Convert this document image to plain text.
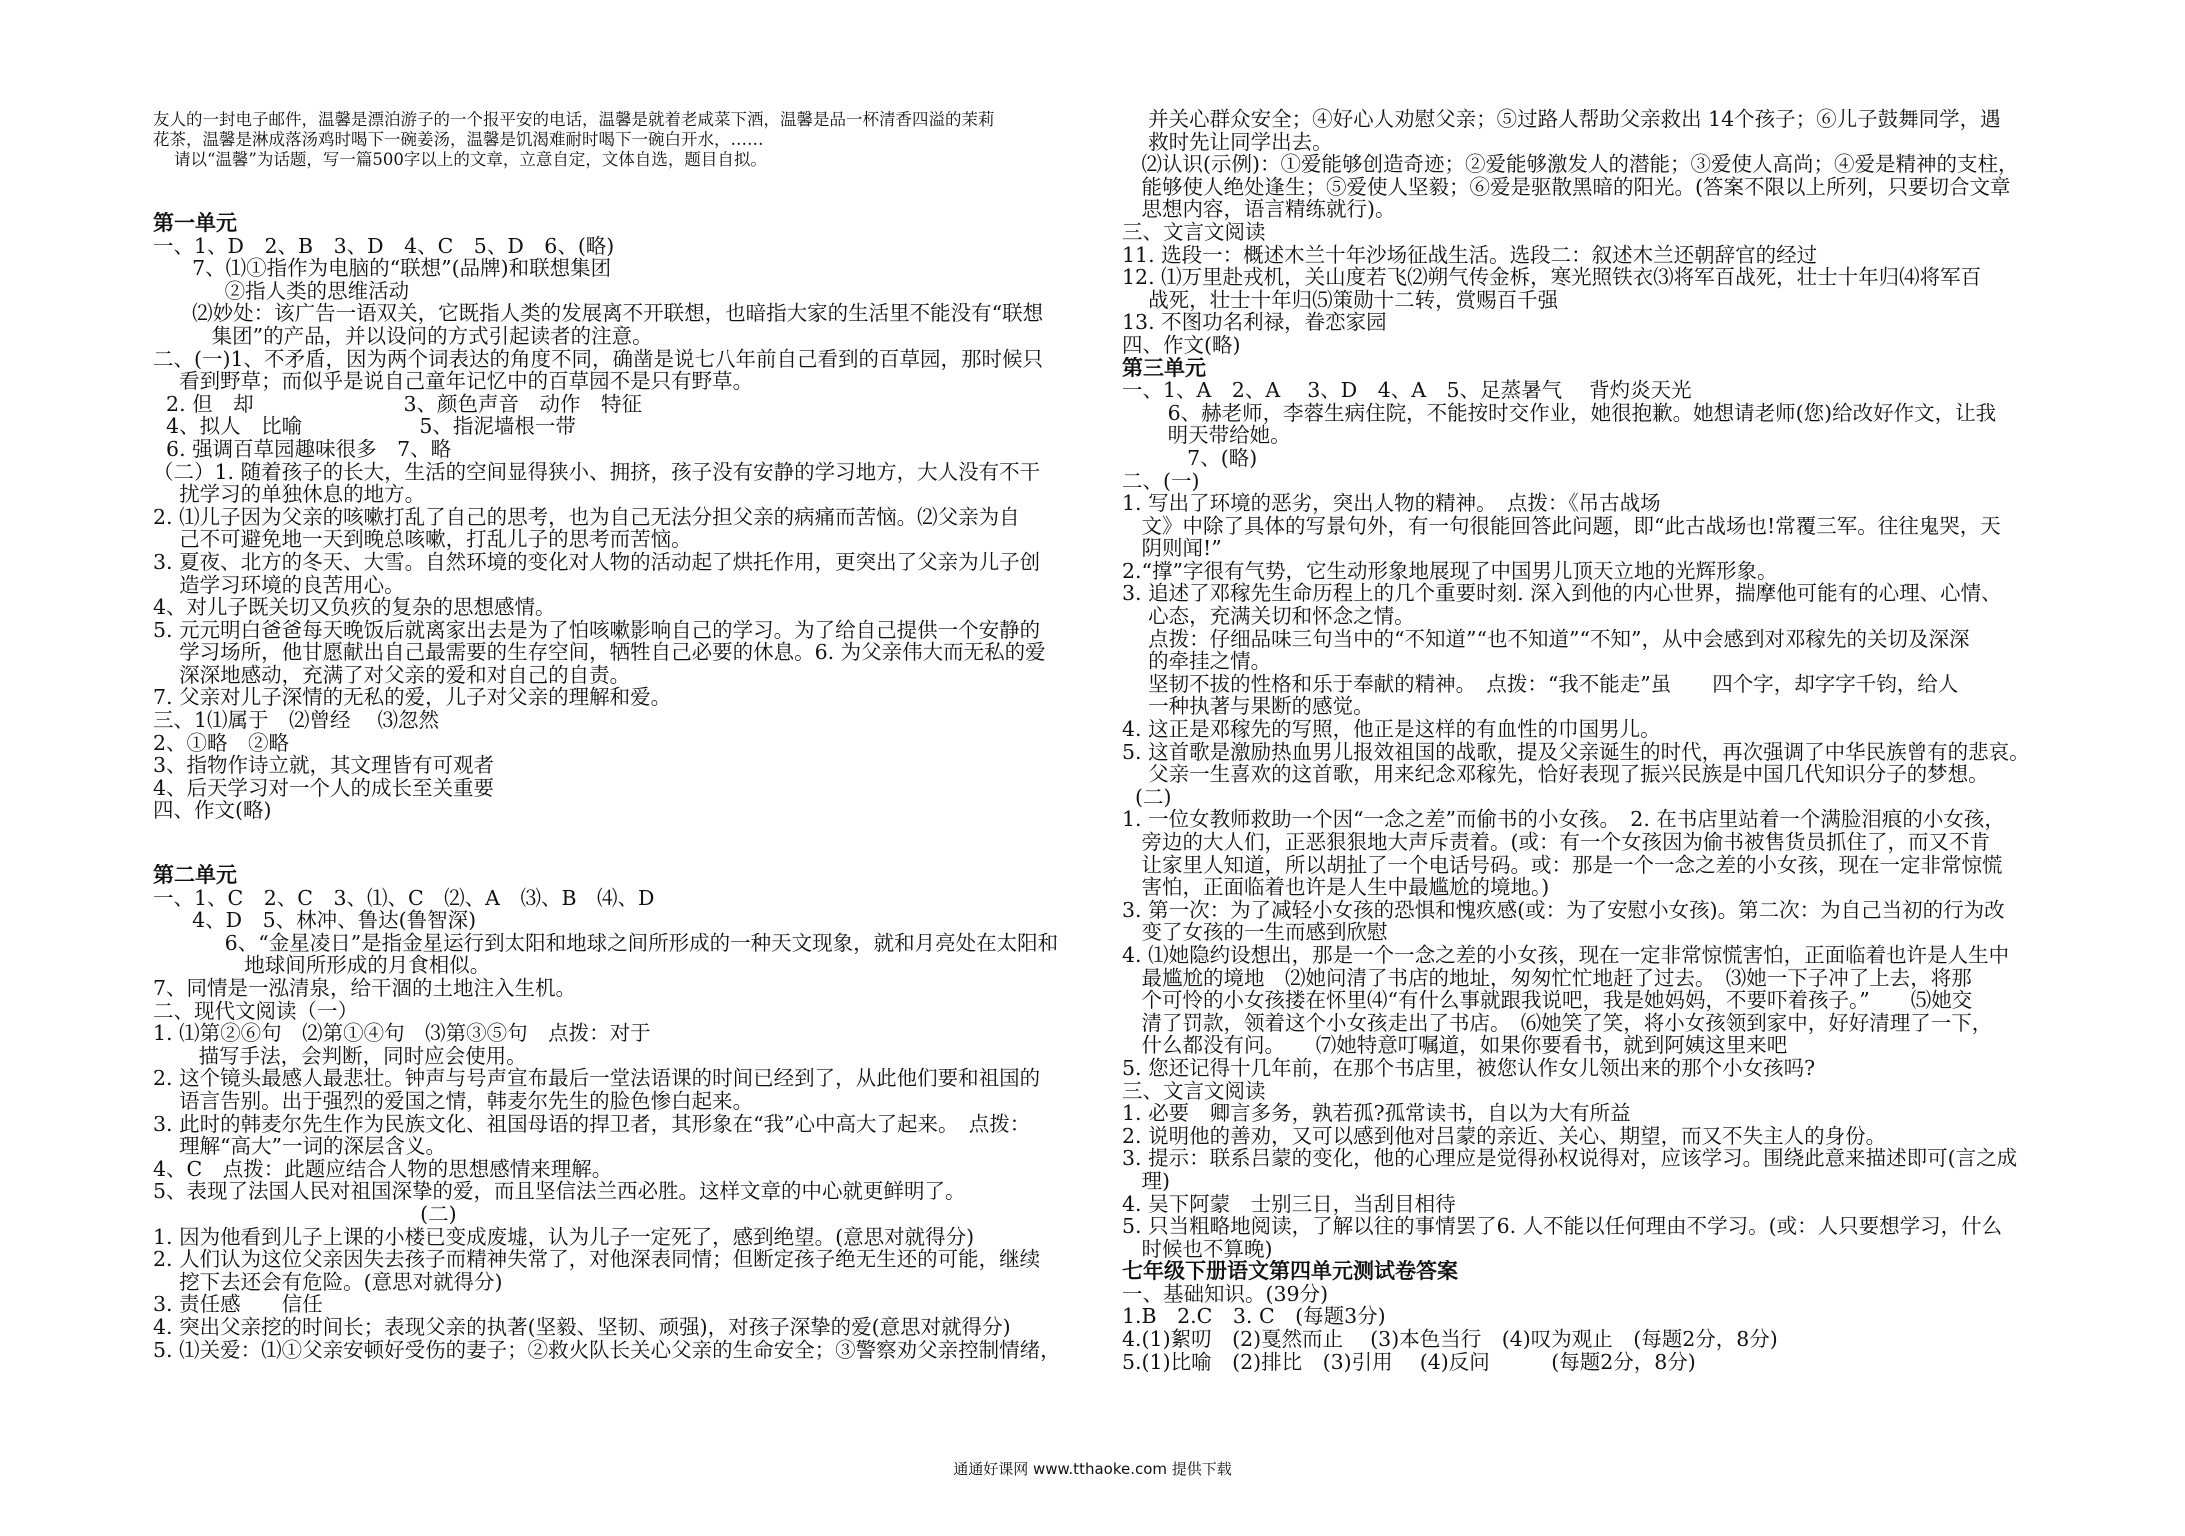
友人的一封电子邮件，温馨是漂泊游子的一个报平安的电话，温馨是就着老咸菜下酒，温馨是品一杯清香四溢的茉莉
花茶，温馨是淋成落汤鸡时喝下一碗姜汤，温馨是饥渴难耐时喝下一碗白开水，……
请以“温馨”为话题，写一篇500字以上的文章，立意自定，文体自选，题目自拟。
第一单元
一、1、D　2、B　3、D　4、C　5、D　6、(略)
7、⑴①指作为电脑的“联想”(品牌)和联想集团
②指人类的思维活动
⑵妙处：该广告一语双关，它既指人类的发展离不开联想，也暗指大家的生活里不能没有“联想
集团”的产品，并以设问的方式引起读者的注意。
二、(一)1、不矛盾，因为两个词表达的角度不同，确凿是说七八年前自己看到的百草园，那时候只
看到野草；而似乎是说自己童年记忆中的百草园不是只有野草。
2. 但　却                       3、颜色声音　动作　特征
4、拟人　比喻                  5、指泥墙根一带
6. 强调百草园趣味很多　7、略
（二）1. 随着孩子的长大，生活的空间显得狭小、拥挤，孩子没有安静的学习地方，大人没有不干
扰学习的单独休息的地方。
2. ⑴儿子因为父亲的咳嗽打乱了自己的思考，也为自己无法分担父亲的病痛而苦恼。⑵父亲为自
己不可避免地一天到晚总咳嗽，打乱儿子的思考而苦恼。
3. 夏夜、北方的冬天、大雪。自然环境的变化对人物的活动起了烘托作用，更突出了父亲为儿子创
造学习环境的良苦用心。
4、对儿子既关切又负疚的复杂的思想感情。
5. 元元明白爸爸每天晚饭后就离家出去是为了怕咳嗽影响自己的学习。为了给自己提供一个安静的
学习场所，他甘愿献出自己最需要的生存空间，牺牲自己必要的休息。6. 为父亲伟大而无私的爱
深深地感动，充满了对父亲的爱和对自己的自责。
7. 父亲对儿子深情的无私的爱，儿子对父亲的理解和爱。
三、1⑴属于　⑵曾经　 ⑶忽然
2、①略　②略
3、指物作诗立就，其文理皆有可观者
4、后天学习对一个人的成长至关重要
四、作文(略)
第二单元
一、1、C　2、C　3、⑴、C　⑵、A　⑶、B　⑷、D
4、D　5、林冲、鲁达(鲁智深)
6、“金星凌日”是指金星运行到太阳和地球之间所形成的一种天文现象，就和月亮处在太阳和
地球间所形成的月食相似。
7、同情是一泓清泉，给干涸的土地注入生机。
二、现代文阅读（一）
1. ⑴第②⑥句　⑵第①④句　⑶第③⑤句　点拨：对于
描写手法，会判断，同时应会使用。
2. 这个镜头最感人最悲壮。钟声与号声宣布最后一堂法语课的时间已经到了，从此他们要和祖国的
语言告别。出于强烈的爱国之情，韩麦尔先生的脸色惨白起来。
3. 此时的韩麦尔先生作为民族文化、祖国母语的捍卫者，其形象在“我”心中高大了起来。　点拨：
理解“高大”一词的深层含义。
4、C　点拨：此题应结合人物的思想感情来理解。
5、表现了法国人民对祖国深挚的爱，而且坚信法兰西必胜。这样文章的中心就更鲜明了。
(二)
1. 因为他看到儿子上课的小楼已变成废墟，认为儿子一定死了，感到绝望。(意思对就得分)
2. 人们认为这位父亲因失去孩子而精神失常了，对他深表同情；但断定孩子绝无生还的可能，继续
挖下去还会有危险。(意思对就得分)
3. 责任感　　信任
4. 突出父亲挖的时间长；表现父亲的执著(坚毅、坚韧、顽强)，对孩子深挚的爱(意思对就得分)
5. ⑴关爱：⑴①父亲安顿好受伤的妻子；②救火队长关心父亲的生命安全；③警察劝父亲控制情绪，
并关心群众安全；④好心人劝慰父亲；⑤过路人帮助父亲救出 14个孩子；⑥儿子鼓舞同学，遇
救时先让同学出去。
⑵认识(示例)：①爱能够创造奇迹；②爱能够激发人的潜能；③爱使人高尚；④爱是精神的支柱，
能够使人绝处逢生；⑤爱使人坚毅；⑥爱是驱散黑暗的阳光。(答案不限以上所列，只要切合文章
思想内容，语言精练就行)。
三、文言文阅读
11. 选段一：概述木兰十年沙场征战生活。选段二：叙述木兰还朝辞官的经过
12. ⑴万里赴戎机，关山度若飞⑵朔气传金柝，寒光照铁衣⑶将军百战死，壮士十年归⑷将军百
战死，壮士十年归⑸策勋十二转，赏赐百千强
13. 不图功名利禄，眷恋家园
四、作文(略)
第三单元
一、1、A　2、A　 3、D　4、A　5、足蒸暑气　 背灼炎天光
6、赫老师，李蓉生病住院，不能按时交作业，她很抱歉。她想请老师(您)给改好作文，让我
明天带给她。
7、(略)
二、(一)
1. 写出了环境的恶劣，突出人物的精神。　点拨：《吊古战场
文》中除了具体的写景句外，有一句很能回答此问题，即“此古战场也!常覆三军。往往鬼哭，天
阴则闻!”
2.“撑”字很有气势，它生动形象地展现了中国男儿顶天立地的光辉形象。
3. 追述了邓稼先生命历程上的几个重要时刻. 深入到他的内心世界，揣摩他可能有的心理、心情、
心态，充满关切和怀念之情。
点拨：仔细品味三句当中的“不知道”“也不知道”“不知”，从中会感到对邓稼先的关切及深深
的牵挂之情。
坚韧不拔的性格和乐于奉献的精神。　点拨：“我不能走”虽　　四个字，却字字千钧，给人
一种执著与果断的感觉。
4. 这正是邓稼先的写照，他正是这样的有血性的巾国男儿。
5. 这首歌是激励热血男儿报效祖国的战歌，提及父亲诞生的时代，再次强调了中华民族曾有的悲哀。
父亲一生喜欢的这首歌，用来纪念邓稼先，恰好表现了振兴民族是中国几代知识分子的梦想。
(二)
1. 一位女教师救助一个因“一念之差”而偷书的小女孩。　2. 在书店里站着一个满脸泪痕的小女孩，
旁边的大人们，正恶狠狠地大声斥责着。(或：有一个女孩因为偷书被售货员抓住了，而又不肯
让家里人知道，所以胡扯了一个电话号码。或：那是一个一念之差的小女孩，现在一定非常惊慌
害怕，正面临着也许是人生中最尴尬的境地。)
3. 第一次：为了减轻小女孩的恐惧和愧疚感(或：为了安慰小女孩)。第二次：为自己当初的行为改
变了女孩的一生而感到欣慰
4. ⑴她隐约设想出，那是一个一念之差的小女孩，现在一定非常惊慌害怕，正面临着也许是人生中
最尴尬的境地　⑵她问清了书店的地址，匆匆忙忙地赶了过去。　⑶她一下子冲了上去，将那
个可怜的小女孩搂在怀里⑷“有什么事就跟我说吧，我是她妈妈，不要吓着孩子。”　　⑸她交
清了罚款，领着这个小女孩走出了书店。　⑹她笑了笑，将小女孩领到家中，好好清理了一下，
什么都没有问。　　⑺她特意叮嘱道，如果你要看书，就到阿姨这里来吧
5. 您还记得十几年前，在那个书店里，被您认作女儿领出来的那个小女孩吗?
三、文言文阅读
1. 必要　卿言多务，孰若孤?孤常读书，自以为大有所益
2. 说明他的善劝，又可以感到他对吕蒙的亲近、关心、期望，而又不失主人的身份。
3. 提示：联系吕蒙的变化，他的心理应是觉得孙权说得对，应该学习。围绕此意来描述即可(言之成
理)
4. 吴下阿蒙　士别三日，当刮目相待
5. 只当粗略地阅读，了解以往的事情罢了6. 人不能以任何理由不学习。(或：人只要想学习，什么
时候也不算晚)
七年级下册语文第四单元测试卷答案
一、基础知识。(39分)
1.B　2.C　3. C　(每题3分)
4.(1)絮叨　(2)戛然而止　 (3)本色当行　(4)叹为观止　(每题2分，8分)
5.(1)比喻　(2)排比　(3)引用　 (4)反问　　　(每题2分，8分)
通通好课网 www.tthaoke.com 提供下载
